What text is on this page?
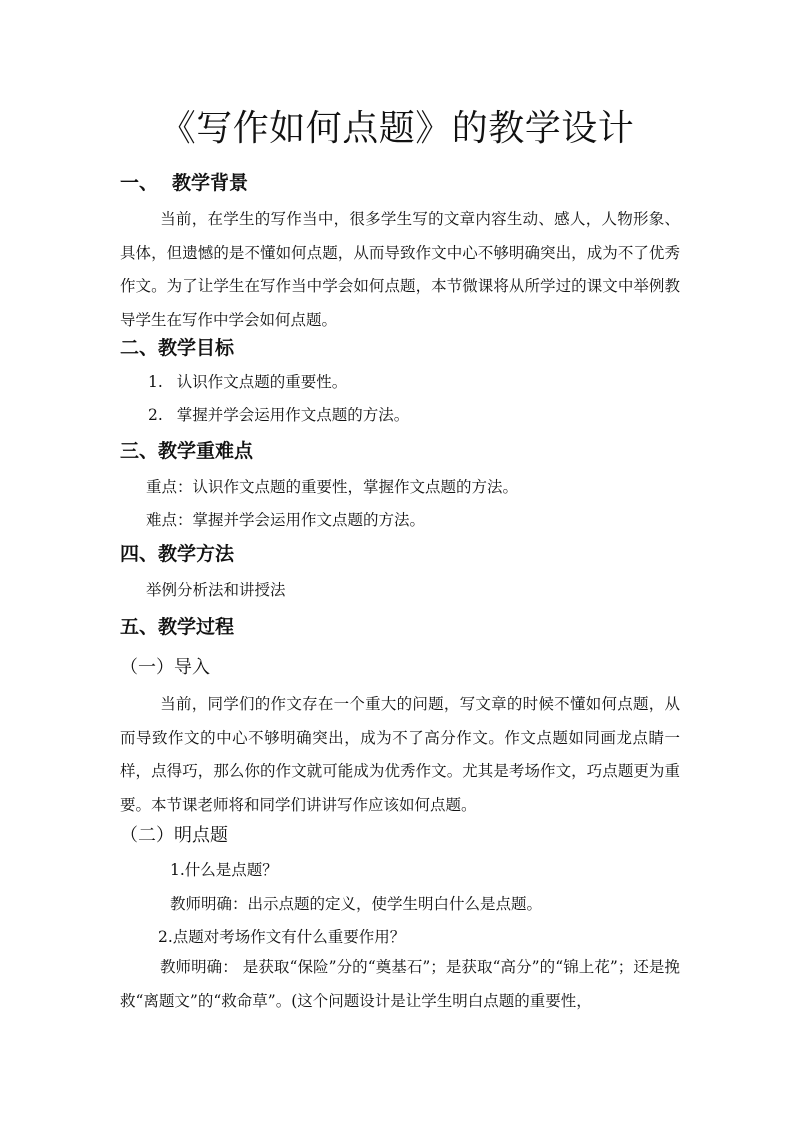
《写作如何点题》的教学设计
一、 教学背景
当前，在学生的写作当中，很多学生写的文章内容生动、感人，人物形象、具体，但遗憾的是不懂如何点题，从而导致作文中心不够明确突出，成为不了优秀作文。为了让学生在写作当中学会如何点题，本节微课将从所学过的课文中举例教导学生在写作中学会如何点题。
二、教学目标
1. 认识作文点题的重要性。
2. 掌握并学会运用作文点题的方法。
三、教学重难点
重点：认识作文点题的重要性，掌握作文点题的方法。
难点：掌握并学会运用作文点题的方法。
四、教学方法
举例分析法和讲授法
五、教学过程
（一）导入
当前，同学们的作文存在一个重大的问题，写文章的时候不懂如何点题，从而导致作文的中心不够明确突出，成为不了高分作文。作文点题如同画龙点睛一样，点得巧，那么你的作文就可能成为优秀作文。尤其是考场作文，巧点题更为重要。本节课老师将和同学们讲讲写作应该如何点题。
（二）明点题
1.什么是点题？
教师明确：出示点题的定义，使学生明白什么是点题。
2.点题对考场作文有什么重要作用？
教师明确： 是获取“保险”分的“奠基石”；是获取“高分”的“锦上花”；还是挽救“离题文”的“救命草”。(这个问题设计是让学生明白点题的重要性，
